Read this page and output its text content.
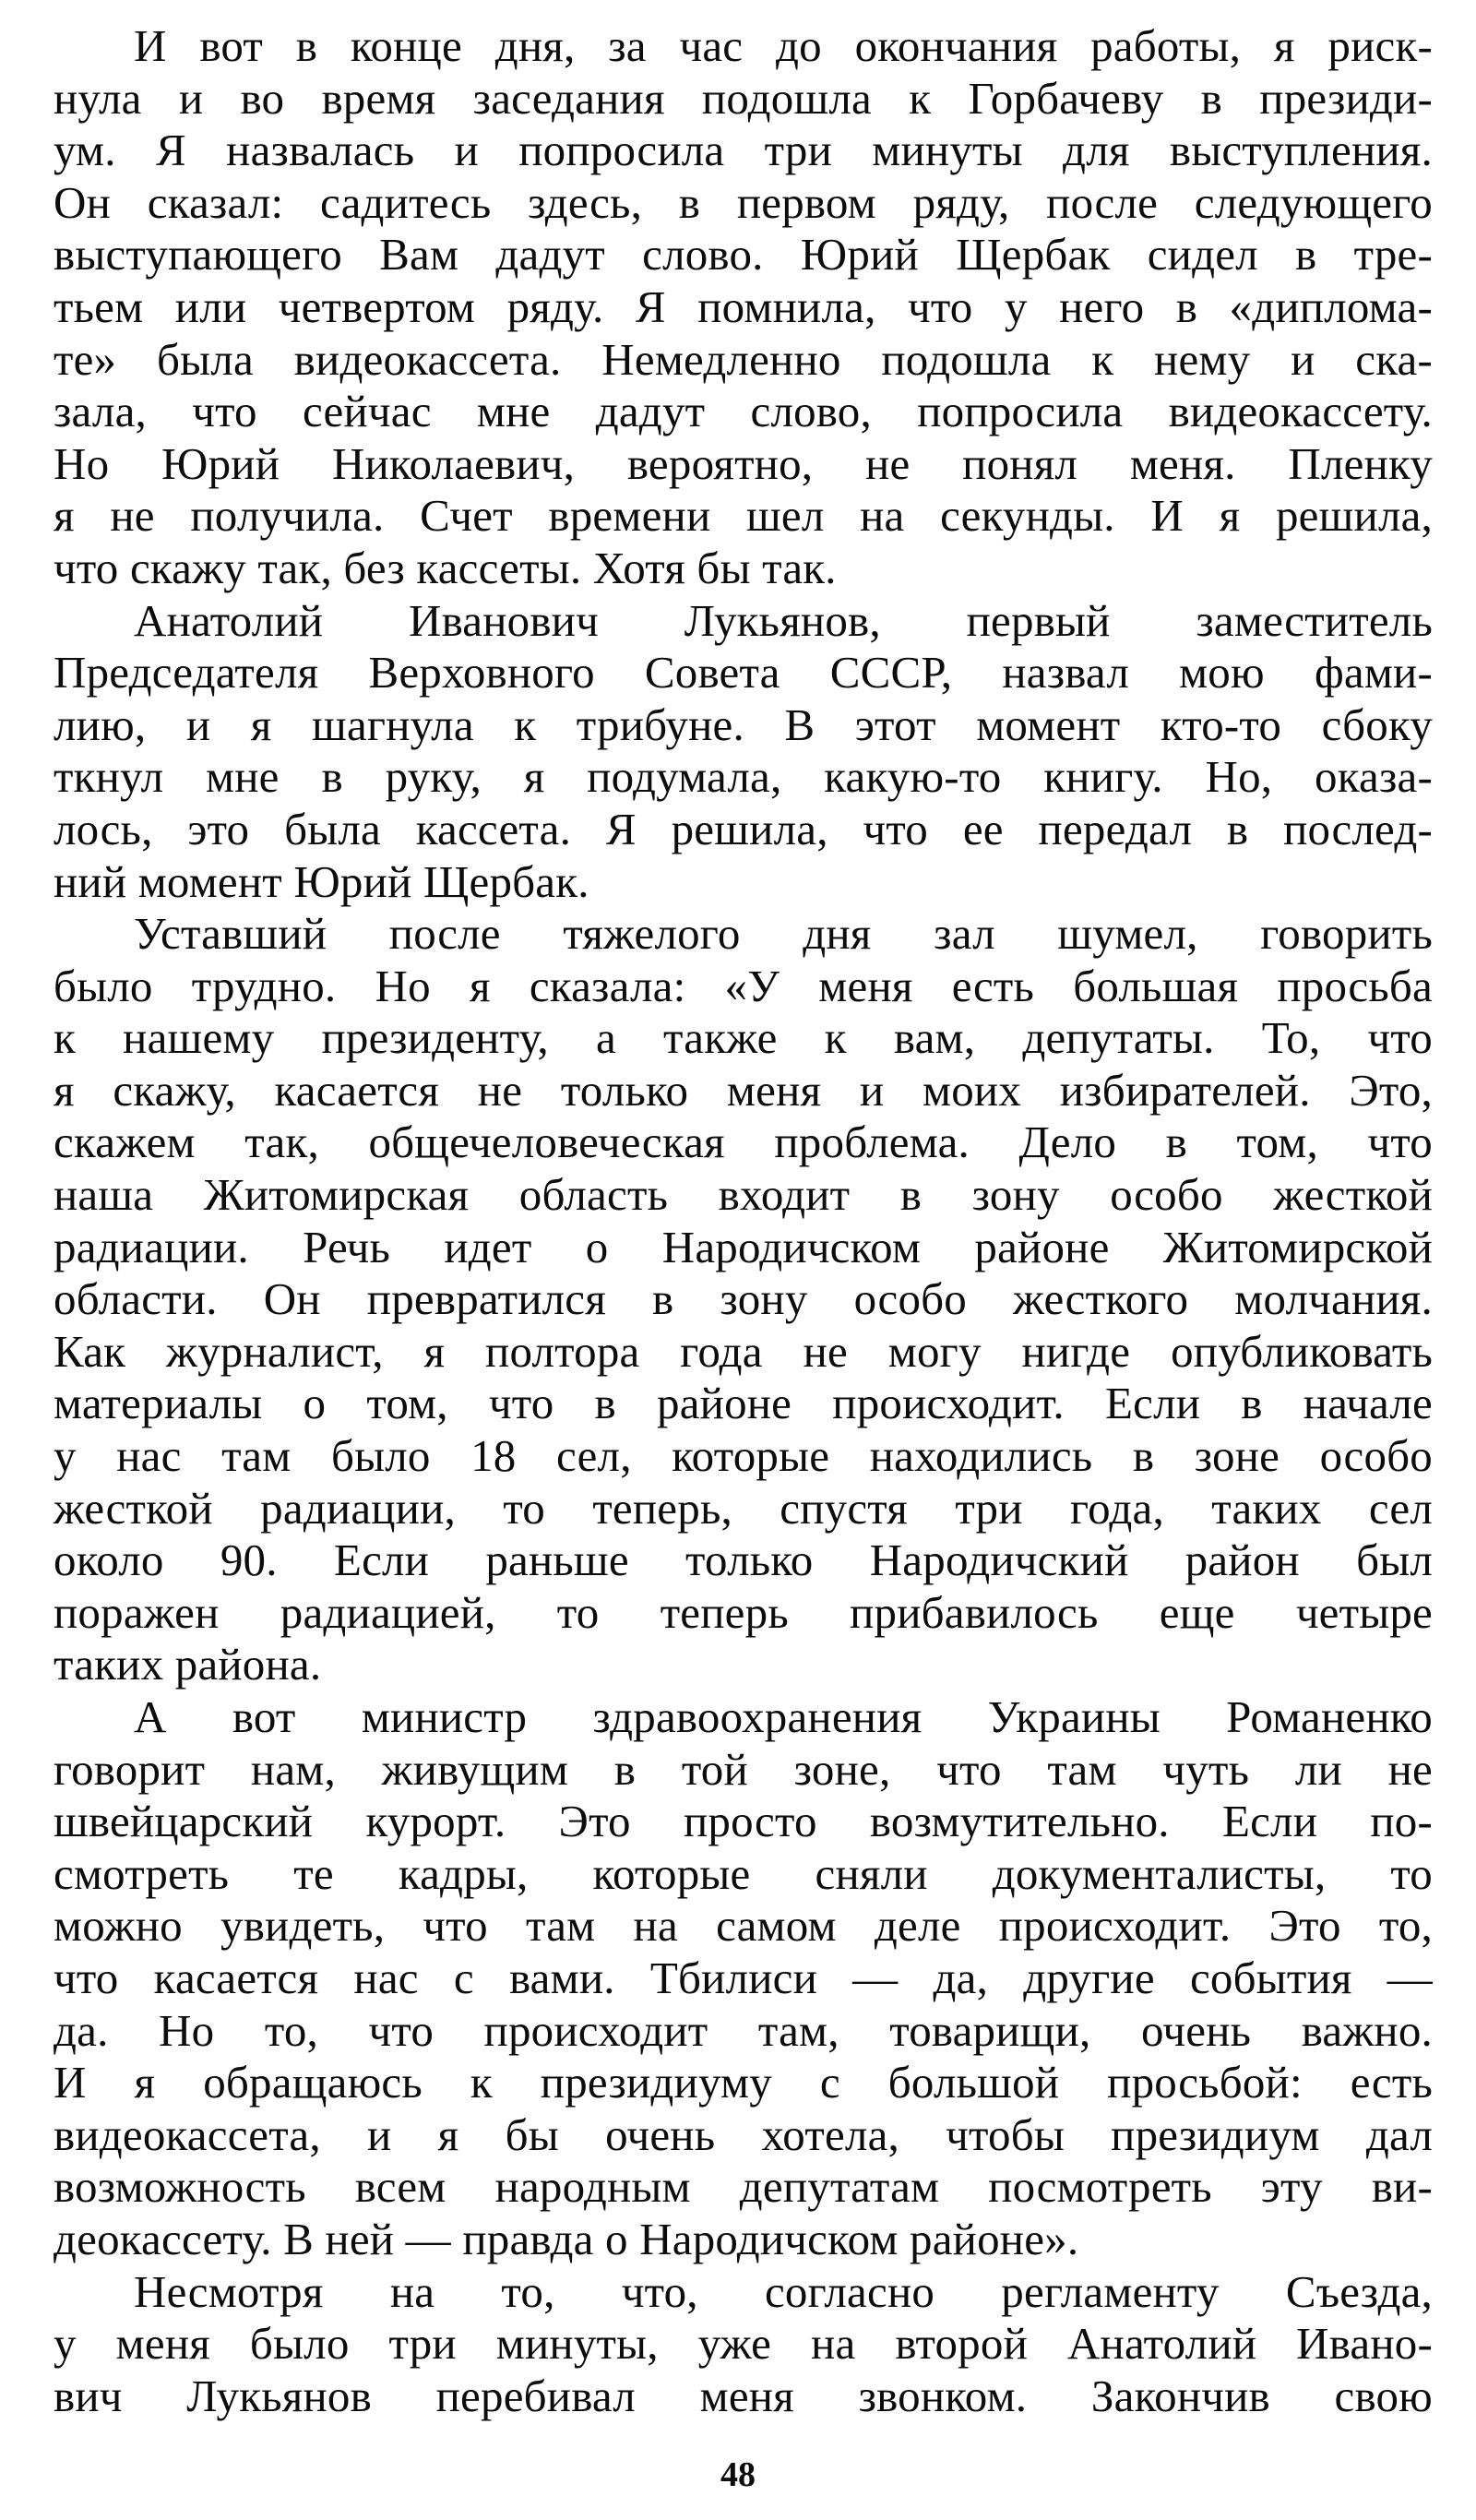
И вот в конце дня, за час до окончания работы, я риск-
нула и во время заседания подошла к Горбачеву в президи-
ум. Я назвалась и попросила три минуты для выступления.
Он сказал: садитесь здесь, в первом ряду, после следующего
выступающего Вам дадут слово. Юрий Щербак сидел в тре-
тьем или четвертом ряду. Я помнила, что у него в «диплома-
те» была видеокассета. Немедленно подошла к нему и ска-
зала, что сейчас мне дадут слово, попросила видеокассету.
Но Юрий Николаевич, вероятно, не понял меня. Пленку
я не получила. Счет времени шел на секунды. И я решила,
что скажу так, без кассеты. Хотя бы так.
Анатолий Иванович Лукьянов, первый заместитель
Председателя Верховного Совета СССР, назвал мою фами-
лию, и я шагнула к трибуне. В этот момент кто-то сбоку
ткнул мне в руку, я подумала, какую-то книгу. Но, оказа-
лось, это была кассета. Я решила, что ее передал в послед-
ний момент Юрий Щербак.
Уставший после тяжелого дня зал шумел, говорить
было трудно. Но я сказала: «У меня есть большая просьба
к нашему президенту, а также к вам, депутаты. То, что
я скажу, касается не только меня и моих избирателей. Это,
скажем так, общечеловеческая проблема. Дело в том, что
наша Житомирская область входит в зону особо жесткой
радиации. Речь идет о Народичском районе Житомирской
области. Он превратился в зону особо жесткого молчания.
Как журналист, я полтора года не могу нигде опубликовать
материалы о том, что в районе происходит. Если в начале
у нас там было 18 сел, которые находились в зоне особо
жесткой радиации, то теперь, спустя три года, таких сел
около 90. Если раньше только Народичский район был
поражен радиацией, то теперь прибавилось еще четыре
таких района.
А вот министр здравоохранения Украины Романенко
говорит нам, живущим в той зоне, что там чуть ли не
швейцарский курорт. Это просто возмутительно. Если по-
смотреть те кадры, которые сняли документалисты, то
можно увидеть, что там на самом деле происходит. Это то,
что касается нас с вами. Тбилиси — да, другие события —
да. Но то, что происходит там, товарищи, очень важно.
И я обращаюсь к президиуму с большой просьбой: есть
видеокассета, и я бы очень хотела, чтобы президиум дал
возможность всем народным депутатам посмотреть эту ви-
деокассету. В ней — правда о Народичском районе».
Несмотря на то, что, согласно регламенту Съезда,
у меня было три минуты, уже на второй Анатолий Ивано-
вич Лукьянов перебивал меня звонком. Закончив свою
48
